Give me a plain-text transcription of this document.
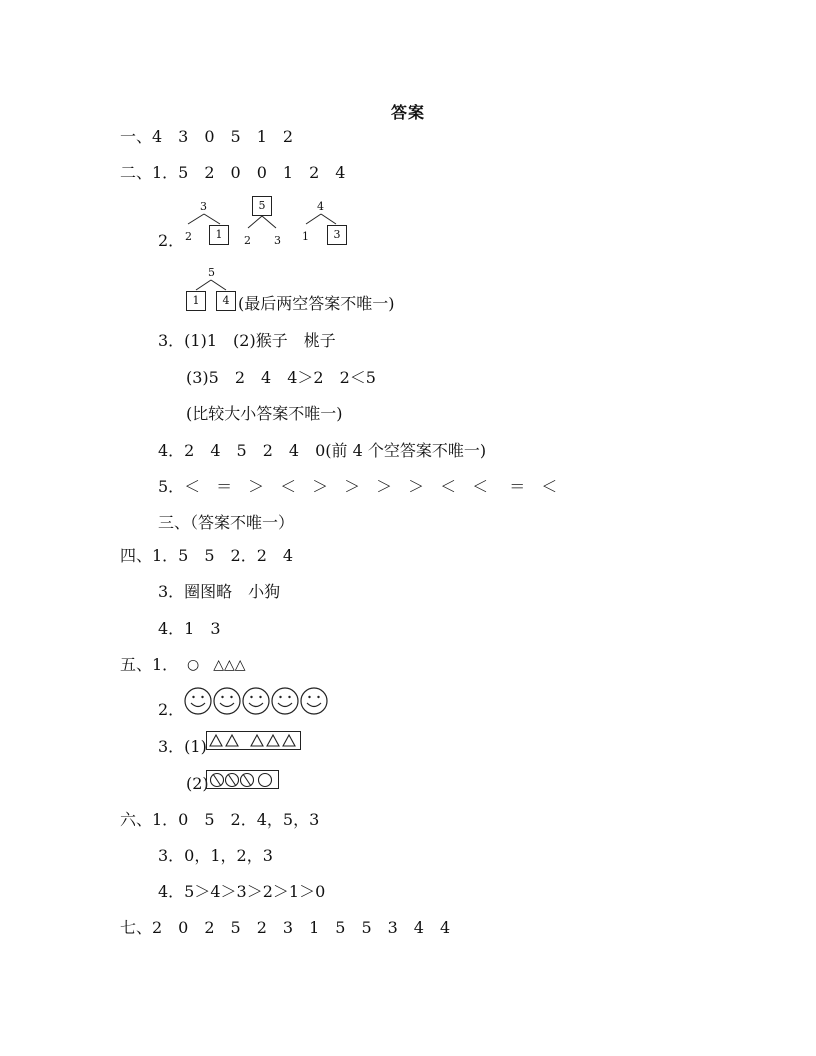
答案
一、4　3　0　5　1　2
二、1．5　2　0　0　1　2　4
2．
3
2	1
5
2 3
4
1	3
5
1	4 (最后两空答案不唯一)
3．(1)1　(2)猴子　桃子
(3)5　2　4　4＞2　2＜5
(比较大小答案不唯一)
4．2　4　5　2　4　0(前 4 个空答案不唯一)
5．＜　＝　＞　＜　＞　＞　＞　＞　＜　＜　 ＝　＜
三、（答案不唯一）
四、1．5　5　2．2　4
3．圈图略　小狗
4．1　3
五、1． ○　△△△
2．
3．(1)
(2)
六、1．0　5　2．4，5，3
3．0，1，2，3
4．5＞4＞3＞2＞1＞0
七、2　0　2　5　2　3　1　5　5　3　4　4
